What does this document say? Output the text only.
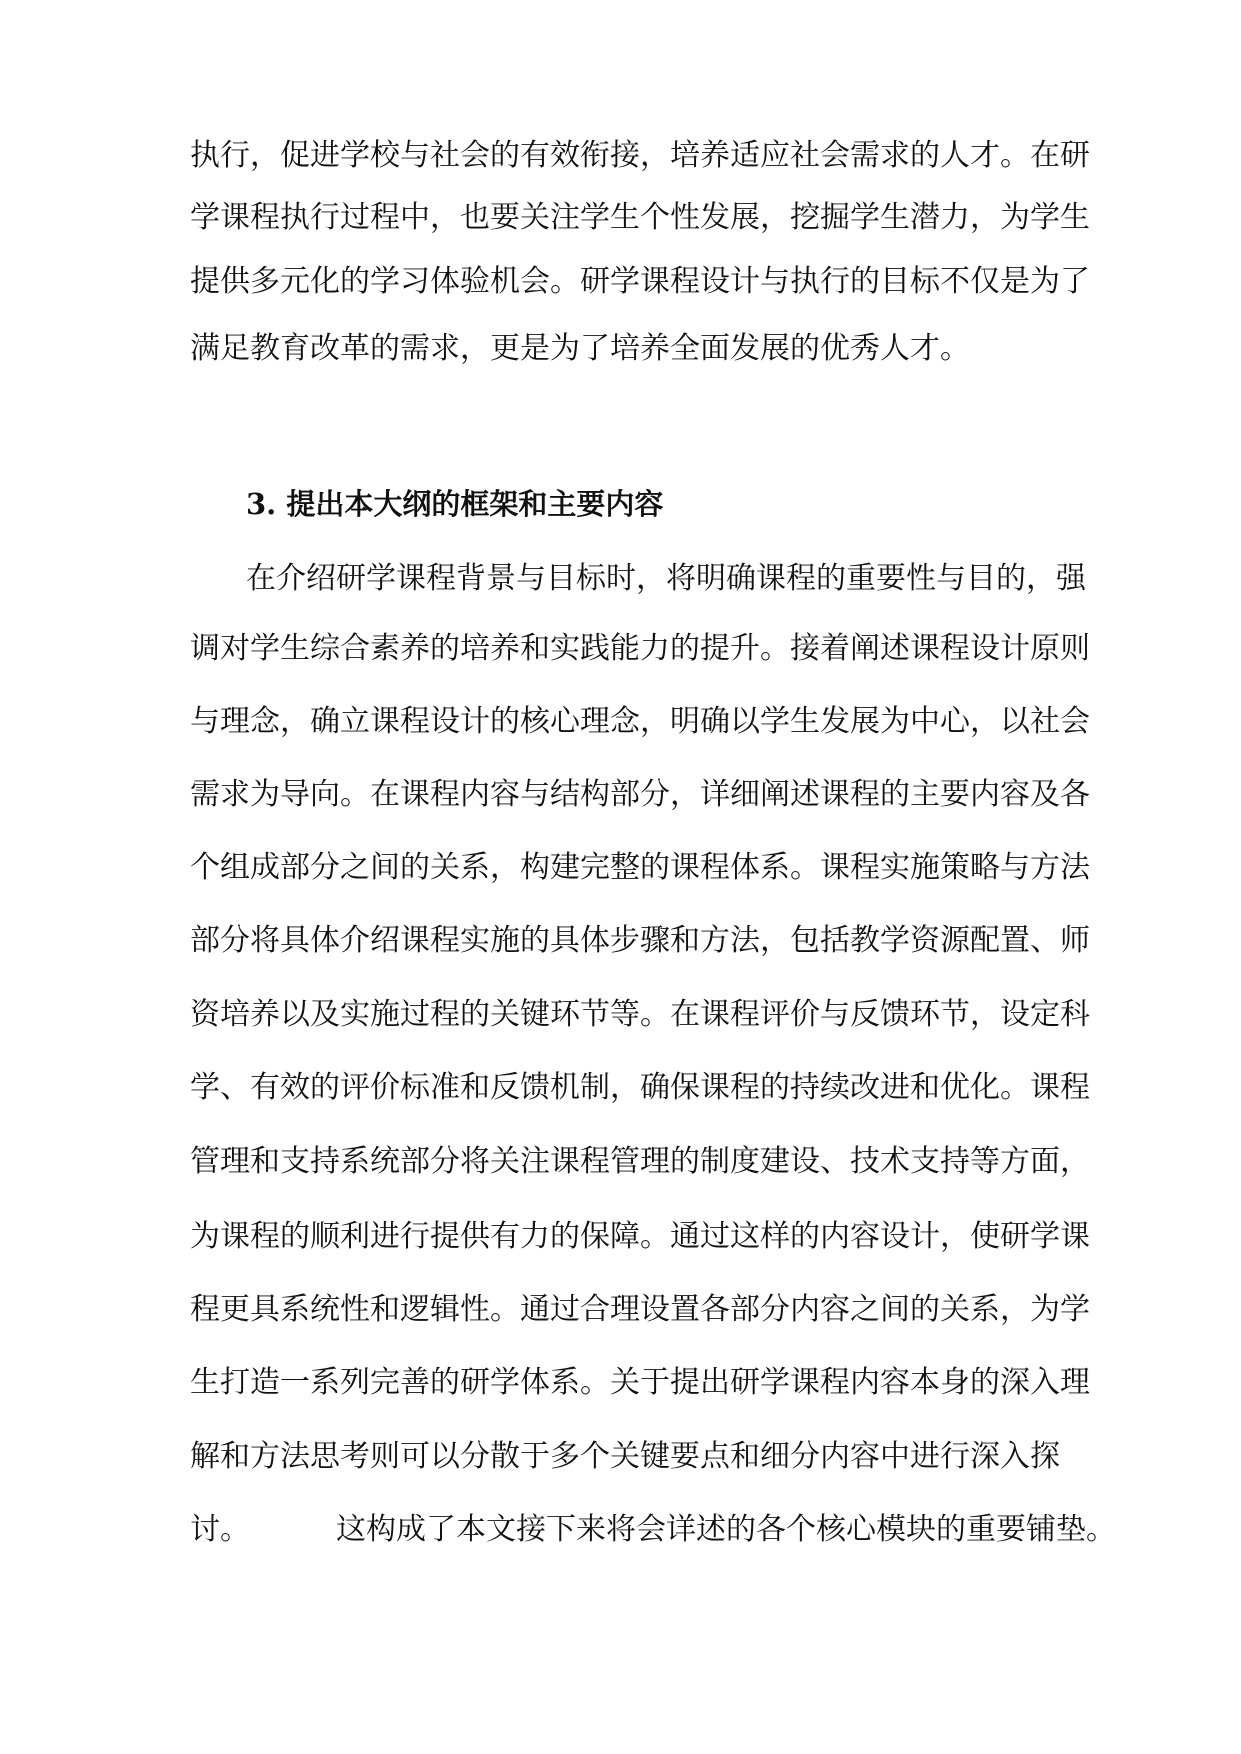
执行，促进学校与社会的有效衔接，培养适应社会需求的人才。在研
学课程执行过程中，也要关注学生个性发展，挖掘学生潜力，为学生
提供多元化的学习体验机会。研学课程设计与执行的目标不仅是为了
满足教育改革的需求，更是为了培养全面发展的优秀人才。
3. 提出本大纲的框架和主要内容
在介绍研学课程背景与目标时，将明确课程的重要性与目的，强
调对学生综合素养的培养和实践能力的提升。接着阐述课程设计原则
与理念，确立课程设计的核心理念，明确以学生发展为中心，以社会
需求为导向。在课程内容与结构部分，详细阐述课程的主要内容及各
个组成部分之间的关系，构建完整的课程体系。课程实施策略与方法
部分将具体介绍课程实施的具体步骤和方法，包括教学资源配置、师
资培养以及实施过程的关键环节等。在课程评价与反馈环节，设定科
学、有效的评价标准和反馈机制，确保课程的持续改进和优化。课程
管理和支持系统部分将关注课程管理的制度建设、技术支持等方面，
为课程的顺利进行提供有力的保障。通过这样的内容设计，使研学课
程更具系统性和逻辑性。通过合理设置各部分内容之间的关系，为学
生打造一系列完善的研学体系。关于提出研学课程内容本身的深入理
解和方法思考则可以分散于多个关键要点和细分内容中进行深入探
讨。	这构成了本文接下来将会详述的各个核心模块的重要铺垫。
